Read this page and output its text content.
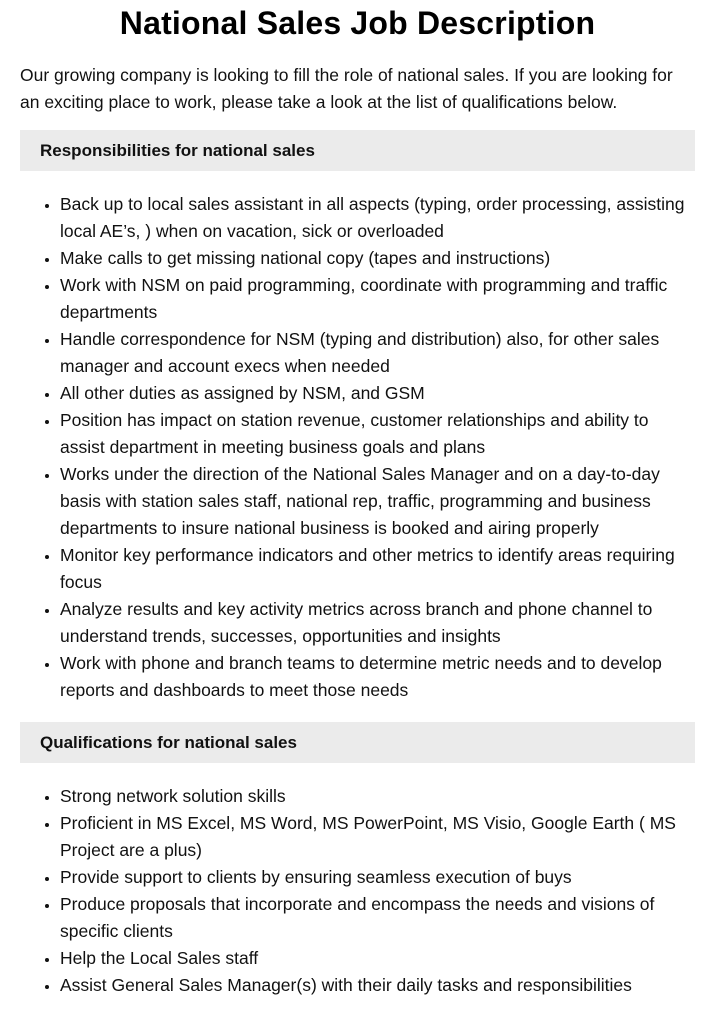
National Sales Job Description

Our growing company is looking to fill the role of national sales. If you are looking for an exciting place to work, please take a look at the list of qualifications below.

Responsibilities for national sales
• Back up to local sales assistant in all aspects (typing, order processing, assisting local AE’s, ) when on vacation, sick or overloaded
• Make calls to get missing national copy (tapes and instructions)
• Work with NSM on paid programming, coordinate with programming and traffic departments
• Handle correspondence for NSM (typing and distribution) also, for other sales manager and account execs when needed
• All other duties as assigned by NSM, and GSM
• Position has impact on station revenue, customer relationships and ability to assist department in meeting business goals and plans
• Works under the direction of the National Sales Manager and on a day-to-day basis with station sales staff, national rep, traffic, programming and business departments to insure national business is booked and airing properly
• Monitor key performance indicators and other metrics to identify areas requiring focus
• Analyze results and key activity metrics across branch and phone channel to understand trends, successes, opportunities and insights
• Work with phone and branch teams to determine metric needs and to develop reports and dashboards to meet those needs
Qualifications for national sales
• Strong network solution skills
• Proficient in MS Excel, MS Word, MS PowerPoint, MS Visio, Google Earth ( MS Project are a plus)
• Provide support to clients by ensuring seamless execution of buys
• Produce proposals that incorporate and encompass the needs and visions of specific clients
• Help the Local Sales staff
• Assist General Sales Manager(s) with their daily tasks and responsibilities
